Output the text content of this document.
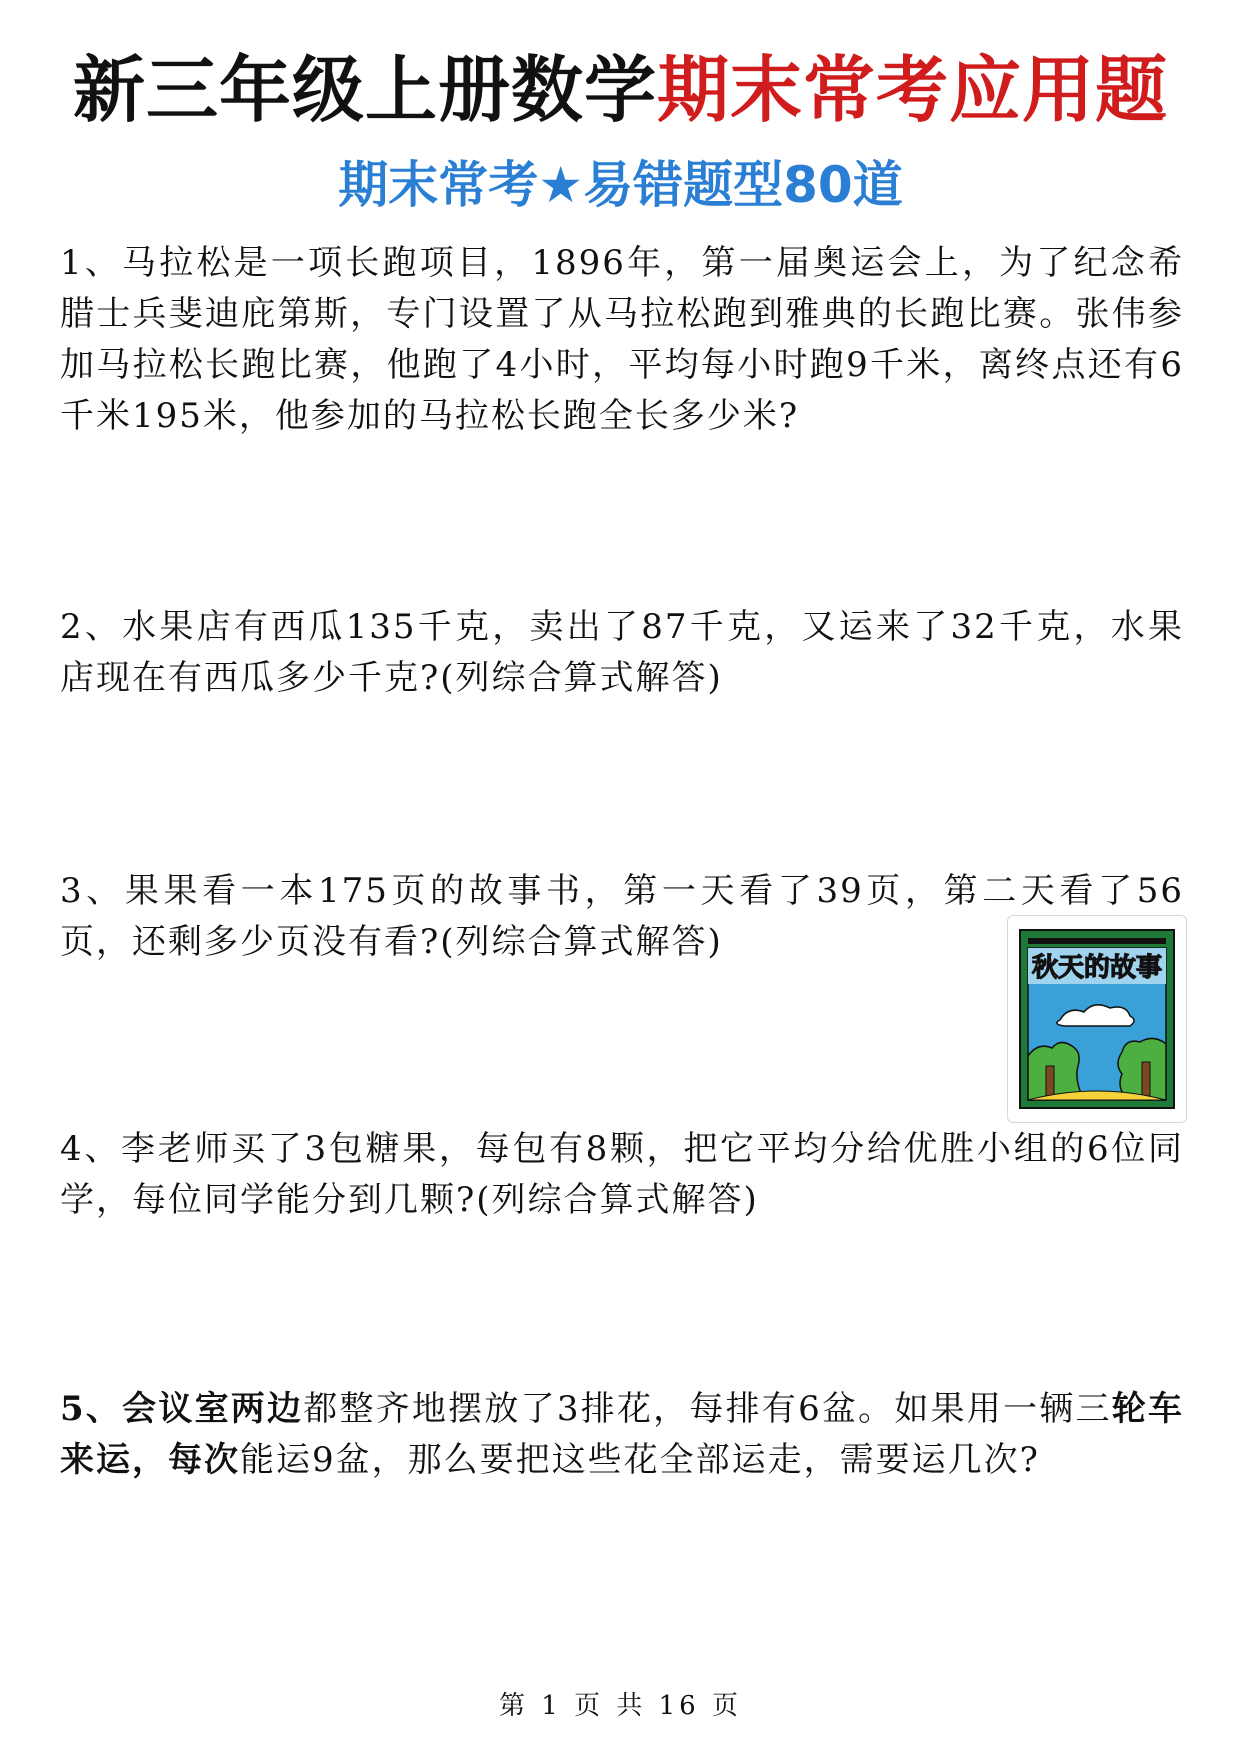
新三年级上册数学期末常考应用题
期末常考★易错题型80道
1、马拉松是一项长跑项目，1896年，第一届奥运会上，为了纪念希腊士兵斐迪庇第斯，专门设置了从马拉松跑到雅典的长跑比赛。张伟参加马拉松长跑比赛，他跑了4小时，平均每小时跑9千米，离终点还有6千米195米，他参加的马拉松长跑全长多少米?
2、水果店有西瓜135千克，卖出了87千克，又运来了32千克，水果店现在有西瓜多少千克?(列综合算式解答)
3、果果看一本175页的故事书，第一天看了39页，第二天看了56页，还剩多少页没有看?(列综合算式解答)
秋天的故事
4、李老师买了3包糖果，每包有8颗，把它平均分给优胜小组的6位同学，每位同学能分到几颗?(列综合算式解答)
5、会议室两边都整齐地摆放了3排花，每排有6盆。如果用一辆三轮车来运，每次能运9盆，那么要把这些花全部运走，需要运几次?
第 1 页 共 16 页
